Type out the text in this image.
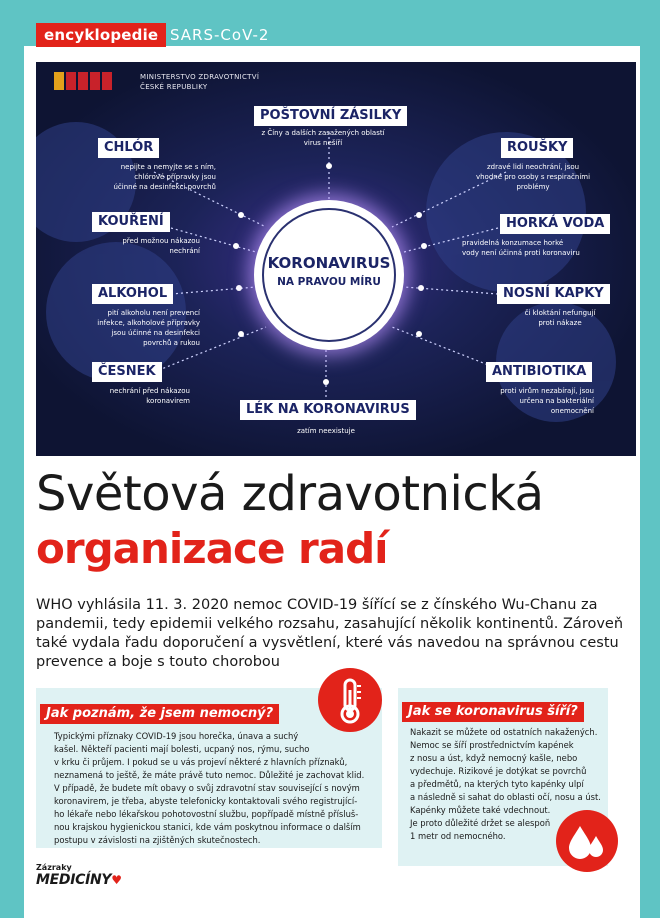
encyklopedie SARS-CoV-2
MINISTERSTVO ZDRAVOTNICTVÍ
ČESKÉ REPUBLIKY
KORONAVIRUS
NA PRAVOU MÍRU
POŠTOVNÍ ZÁSILKY
z Číny a dalších zasažených oblastí
virus nešíří
CHLÓR
nepijte a nemyjte se s ním,
chlórové přípravky jsou
účinné na desinfekci povrchů
ROUŠKY
zdravé lidi neochrání, jsou
vhodné pro osoby s respiračními
problémy
KOUŘENÍ
před možnou nákazou
nechrání
HORKÁ VODA
pravidelná konzumace horké
vody není účinná proti koronaviru
ALKOHOL
pití alkoholu není prevencí
infekce, alkoholové přípravky
jsou účinné na desinfekci
povrchů a rukou
NOSNÍ KAPKY
či kloktání nefungují
proti nákaze
ČESNEK
nechrání před nákazou
koronavirem
ANTIBIOTIKA
proti virům nezabírají, jsou
určena na bakteriální
onemocnění
LÉK NA KORONAVIRUS
zatím neexistuje
Světová zdravotnická
organizace radí
WHO vyhlásila 11. 3. 2020 nemoc COVID-19 šířící se z čínského Wu-Chanu za
pandemii, tedy epidemii velkého rozsahu, zasahující několik kontinentů. Zároveň
také vydala řadu doporučení a vysvětlení, které vás navedou na správnou cestu
prevence a boje s touto chorobou
Jak poznám, že jsem nemocný?
Typickými příznaky COVID-19 jsou horečka, únava a suchý
kašel. Někteří pacienti mají bolesti, ucpaný nos, rýmu, sucho
v krku či průjem. I pokud se u vás projeví některé z hlavních příznaků,
neznamená to ještě, že máte právě tuto nemoc. Důležité je zachovat klid.
V případě, že budete mít obavy o svůj zdravotní stav související s novým
koronavirem, je třeba, abyste telefonicky kontaktovali svého registrující-
ho lékaře nebo lékařskou pohotovostní službu, popřípadě místně přísluš-
nou krajskou hygienickou stanici, kde vám poskytnou informace o dalším
postupu v závislosti na zjištěných skutečnostech.
Jak se koronavirus šíří?
Nakazit se můžete od ostatních nakažených.
Nemoc se šíří prostřednictvím kapének
z nosu a úst, když nemocný kašle, nebo
vydechuje. Rizikové je dotýkat se povrchů
a předmětů, na kterých tyto kapénky ulpí
a následně si sahat do oblasti očí, nosu a úst.
Kapénky můžete také vdechnout.
Je proto důležité držet se alespoň
1 metr od nemocného.
Zázraky
MEDICÍNY♥
